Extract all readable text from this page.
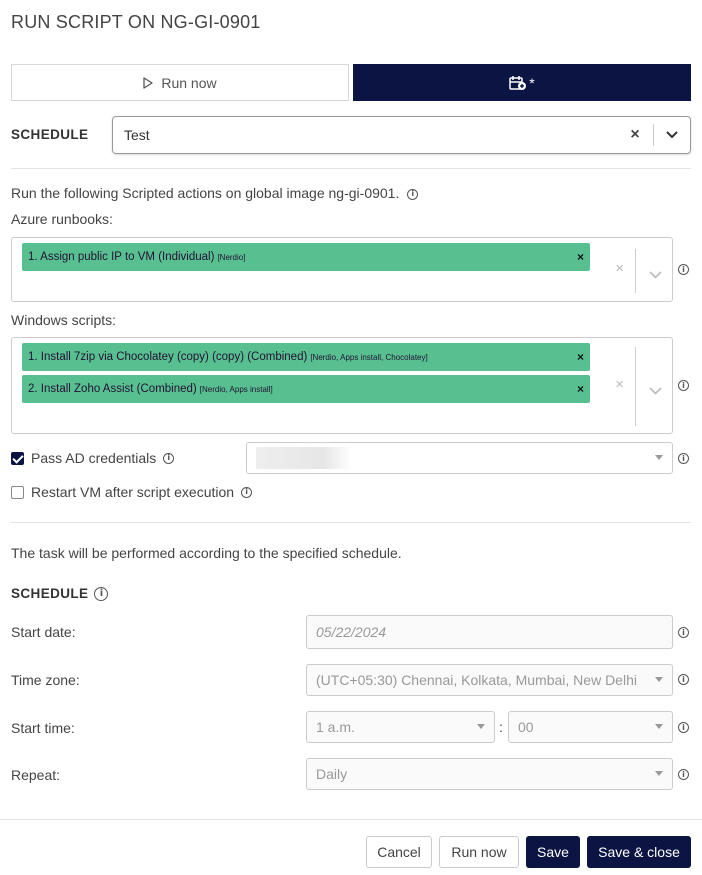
RUN SCRIPT ON NG-GI-0901
Run now	*
SCHEDULE	Test	×
Run the following Scripted actions on global image ng-gi-0901. i
Azure runbooks:
1. Assign public IP to VM (Individual) [Nerdio]	×
×	i
Windows scripts:
1. Install 7zip via Chocolatey (copy) (copy) (Combined) [Nerdio, Apps install, Chocolatey]	×
2. Install Zoho Assist (Combined) [Nerdio, Apps install]	× ×	i
Pass AD credentials	i	i
Restart VM after script execution	i
The task will be performed according to the specified schedule.
SCHEDULE	i
Start date:	05/22/2024	i
Time zone:	(UTC+05:30) Chennai, Kolkata, Mumbai, New Delhi	i
Start time:	1 a.m.	: 00	i
Repeat:	Daily	i
Cancel	Run now	Save	Save & close
